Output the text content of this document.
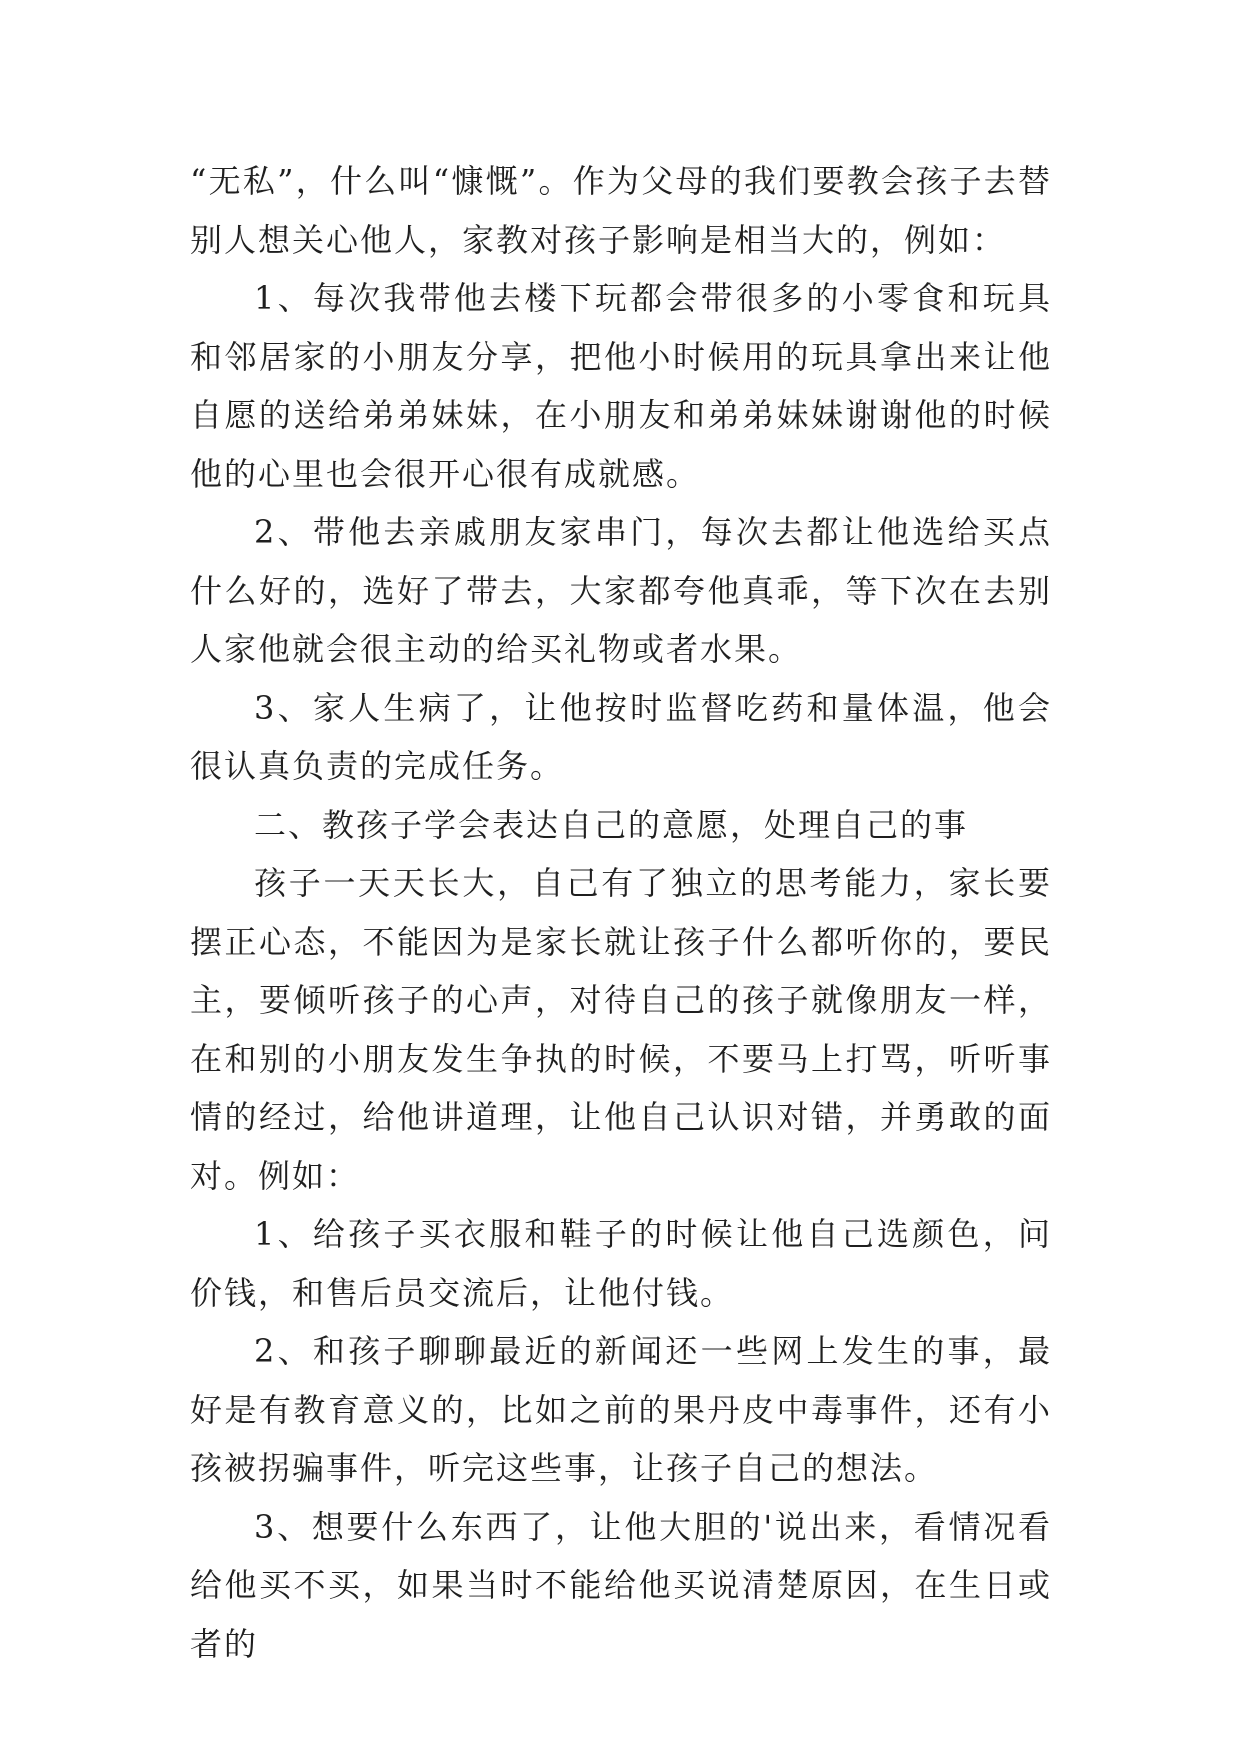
“无私”，什么叫“慷慨”。作为父母的我们要教会孩子去替别人想关心他人，家教对孩子影响是相当大的，例如：

1、每次我带他去楼下玩都会带很多的小零食和玩具和邻居家的小朋友分享，把他小时候用的玩具拿出来让他自愿的送给弟弟妹妹，在小朋友和弟弟妹妹谢谢他的时候他的心里也会很开心很有成就感。

2、带他去亲戚朋友家串门，每次去都让他选给买点什么好的，选好了带去，大家都夸他真乖，等下次在去别人家他就会很主动的给买礼物或者水果。

3、家人生病了，让他按时监督吃药和量体温，他会很认真负责的完成任务。

二、教孩子学会表达自己的意愿，处理自己的事

孩子一天天长大，自己有了独立的思考能力，家长要摆正心态，不能因为是家长就让孩子什么都听你的，要民主，要倾听孩子的心声，对待自己的孩子就像朋友一样，在和别的小朋友发生争执的时候，不要马上打骂，听听事情的经过，给他讲道理，让他自己认识对错，并勇敢的面对。例如：

1、给孩子买衣服和鞋子的时候让他自己选颜色，问价钱，和售后员交流后，让他付钱。

2、和孩子聊聊最近的新闻还一些网上发生的事，最好是有教育意义的，比如之前的果丹皮中毒事件，还有小孩被拐骗事件，听完这些事，让孩子自己的想法。

3、想要什么东西了，让他大胆的'说出来，看情况看给他买不买，如果当时不能给他买说清楚原因，在生日或者的
